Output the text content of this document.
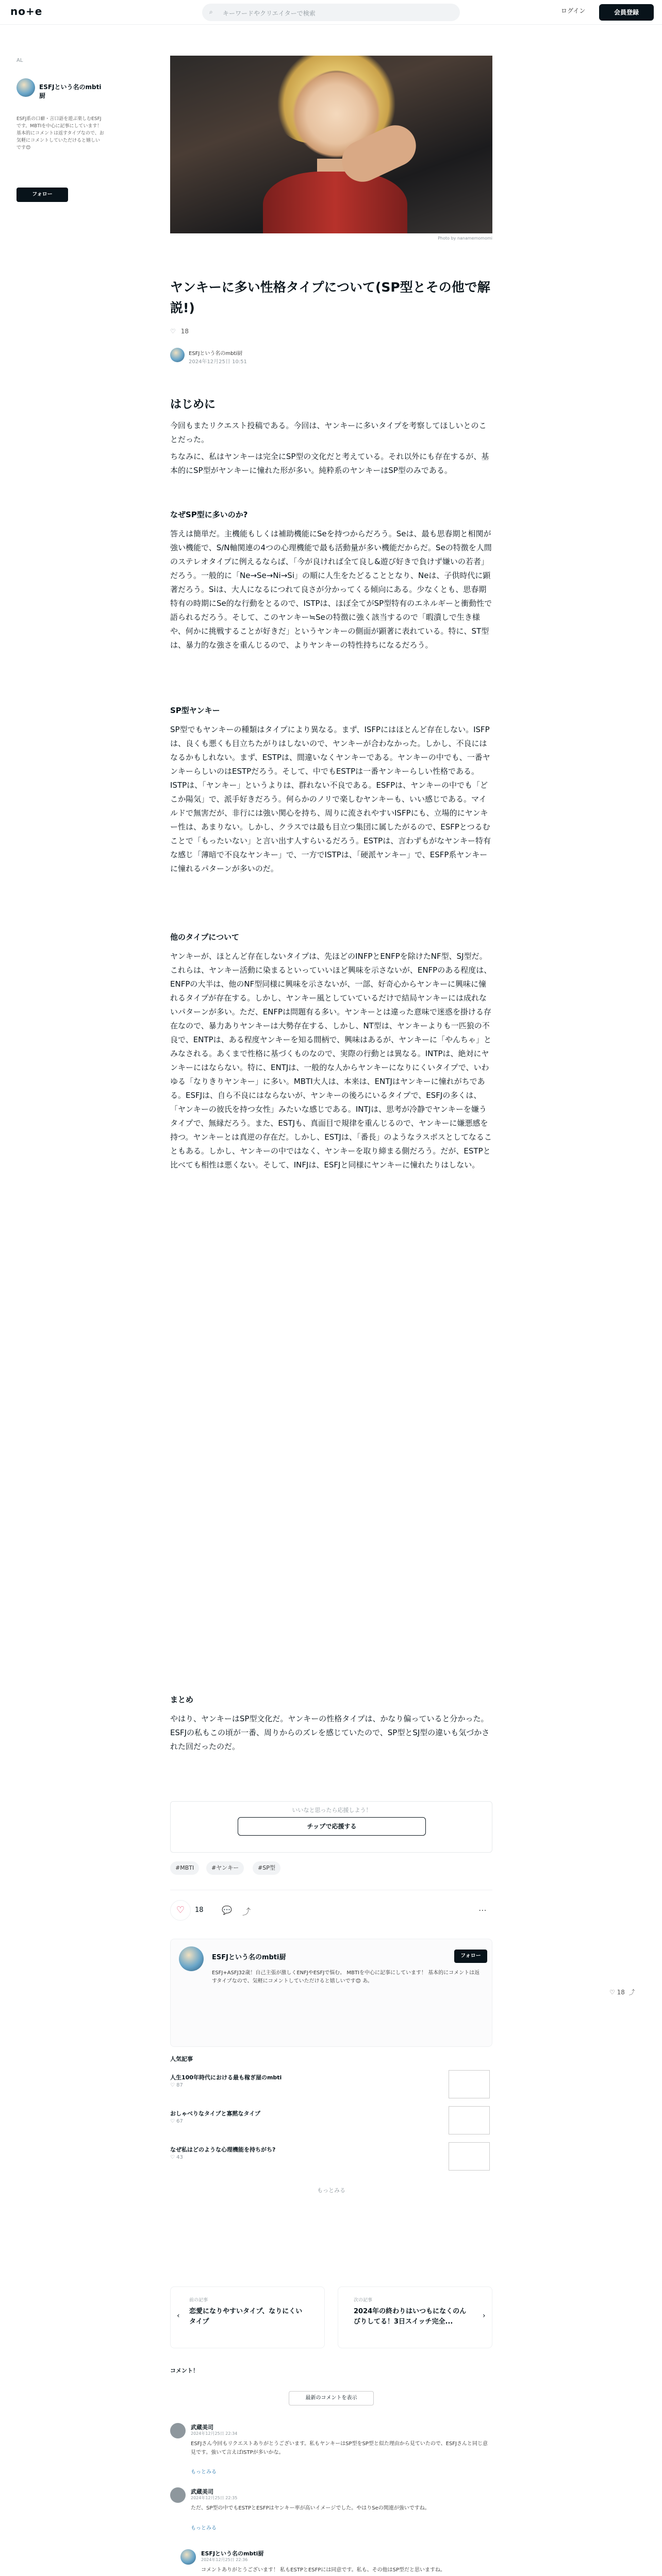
no+e	⌕ キーワードやクリエイターで検索	ログイン	会員登録
AL
ESFJという名のmbti厨
ESFJ系の口癖・言口語を遊ぶ楽しむESFJです。MBTIを中心に記事にしています！基本的にコメントは返すタイプなので、お気軽にコメントしていただけると嬉しいです😊
フォロー
Photo by nanamemomomi
ヤンキーに多い性格タイプについて(SP型とその他で解説!)
♡ 18
ESFJという名のmbti厨
2024年12月25日 10:51
はじめに
今回もまたリクエスト投稿である。今回は、ヤンキーに多いタイプを考察してほしいとのことだった。
ちなみに、私はヤンキーは完全にSP型の文化だと考えている。それ以外にも存在するが、基本的にSP型がヤンキーに憧れた形が多い。純粋系のヤンキーはSP型のみである。
なぜSP型に多いのか?
答えは簡単だ。主機能もしくは補助機能にSeを持つからだろう。Seは、最も思春期と相関が強い機能で、S/N軸関連の4つの心理機能で最も活動量が多い機能だからだ。Seの特徴を人間のステレオタイプに例えるならば、「今が良ければ全て良し&遊び好きで負けず嫌いの若者」だろう。一般的に「Ne→Se→Ni→Si」の順に人生をたどることとなり、Neは、子供時代に顕著だろう。Siは、大人になるにつれて良さが分かってくる傾向にある。少なくとも、思春期特有の時期にSe的な行動をとるので、ISTPは、ほぼ全てがSP型特有のエネルギーと衝動性で語られるだろう。そして、このヤンキー≒Seの特徴に強く該当するので「暇潰しで生き様や、何かに挑戦することが好きだ」というヤンキーの側面が顕著に表れている。特に、ST型は、暴力的な強さを重んじるので、よりヤンキーの特性持ちになるだろう。
SP型ヤンキー
SP型でもヤンキーの種類はタイプにより異なる。まず、ISFPにはほとんど存在しない。ISFPは、良くも悪くも目立ちたがりはしないので、ヤンキーが合わなかった。しかし、不良にはなるかもしれない。まず、ESTPは、間違いなくヤンキーである。ヤンキーの中でも、一番ヤンキーらしいのはESTPだろう。そして、中でもESTPは一番ヤンキーらしい性格である。ISTPは、「ヤンキー」というよりは、群れない不良である。ESFPは、ヤンキーの中でも「どこか陽気」で、派手好きだろう。何らかのノリで楽しむヤンキーも、いい感じである。マイルドで無害だが、非行には強い関心を持ち、周りに流されやすいISFPにも、立場的にヤンキー性は、あまりない。しかし、クラスでは最も目立つ集団に属したがるので、ESFPとつるむことで「もったいない」と言い出す人すらいるだろう。ESTPは、言わずもがなヤンキー特有な感じ「薄暗で不良なヤンキー」で、一方でISTPは、「硬派ヤンキー」で、ESFP系ヤンキーに憧れるパターンが多いのだ。
他のタイプについて
ヤンキーが、ほとんど存在しないタイプは、先ほどのINFPとENFPを除けたNF型、SJ型だ。これらは、ヤンキー活動に染まるといっていいほど興味を示さないが、ENFPのある程度は、ENFPの大半は、他のNF型同様に興味を示さないが、一部、好奇心からヤンキーに興味に憧れるタイプが存在する。しかし、ヤンキー風としていているだけで結局ヤンキーには成れないパターンが多い。ただ、ENFPは問題有る多い。ヤンキーとは違った意味で迷惑を掛ける存在なので、暴力ありヤンキーは大勢存在する、しかし、NT型は、ヤンキーよりも一匹狼の不良で、ENTPは、ある程度ヤンキーを知る間柄で、興味はあるが、ヤンキーに「やんちゃ」とみなされる。あくまで性格に基づくものなので、実際の行動とは異なる。INTPは、絶対にヤンキーにはならない。特に、ENTJは、一般的な人からヤンキーになりにくいタイプで、いわゆる「なりきりヤンキー」に多い。MBTI大人は、本来は、ENTJはヤンキーに憧れがちである。ESFJは、自ら不良にはならないが、ヤンキーの後ろにいるタイプで、ESFJの多くは、「ヤンキーの彼氏を持つ女性」みたいな感じである。INTJは、思考が冷静でヤンキーを嫌うタイプで、無縁だろう。また、ESTJも、真面目で規律を重んじるので、ヤンキーに嫌悪感を持つ。ヤンキーとは真逆の存在だ。しかし、ESTJは、「番長」のようなラスボスとしてなることもある。しかし、ヤンキーの中ではなく、ヤンキーを取り締まる側だろう。だが、ESTPと比べても相性は悪くない。そして、INFJは、ESFJと同様にヤンキーに憧れたりはしない。
まとめ
やはり、ヤンキーはSP型文化だ。ヤンキーの性格タイプは、かなり偏っていると分かった。ESFJの私もこの頃が一番、周りからのズレを感じていたので、SP型とSJ型の違いも気づかされた回だったのだ。
いいなと思ったら応援しよう！
チップで応援する
#MBTI	#ヤンキー	#SP型
♡	18 💬 ⤴	⋯
ESFJという名のmbti厨	フォロー
ESFJ+ASFJ32歳！自己主張が激しくENFJやESFJで悩む。 MBTIを中心に記事にしています！ 基本的にコメントは返すタイプなので、気軽にコメントしていただけると嬉しいです😊 あ。
人気記事
人生100年時代における最も稼ぎ屋のmbti
♡ 87
おしゃべりなタイプと寡黙なタイプ
♡ 67
なぜ私はどのような心理機能を持ちがち?
♡ 43
もっとみる
‹
前の記事
恋愛になりやすいタイプ、なりにくいタイプ
次の記事
2024年の終わりはいつもになくのんびりしてる！3日スイッチ完全...
›
コメント！
最新のコメントを表示
武蔵美司
2024年12月25日 22:34
ESFJさん今回もリクエストありがとうございます。私もヤンキーはSP型をSP型と似た理由から見ていたので、ESFJさんと同じ意見です。強いて言えばISTPが多いかな。
もっとみる
武蔵美司
2024年12月25日 22:35
ただ、SP型の中でもESTPとESFPはヤンキー率が高いイメージでした。やはりSeの関連が強いですね。
もっとみる
ESFJという名のmbti厨
2024年12月25日 22:36
コメントありがとうございます！ 私もESTPとESFPには同意です。私も、その他はSP型だと思いますね。
♡ 18 ⤴
